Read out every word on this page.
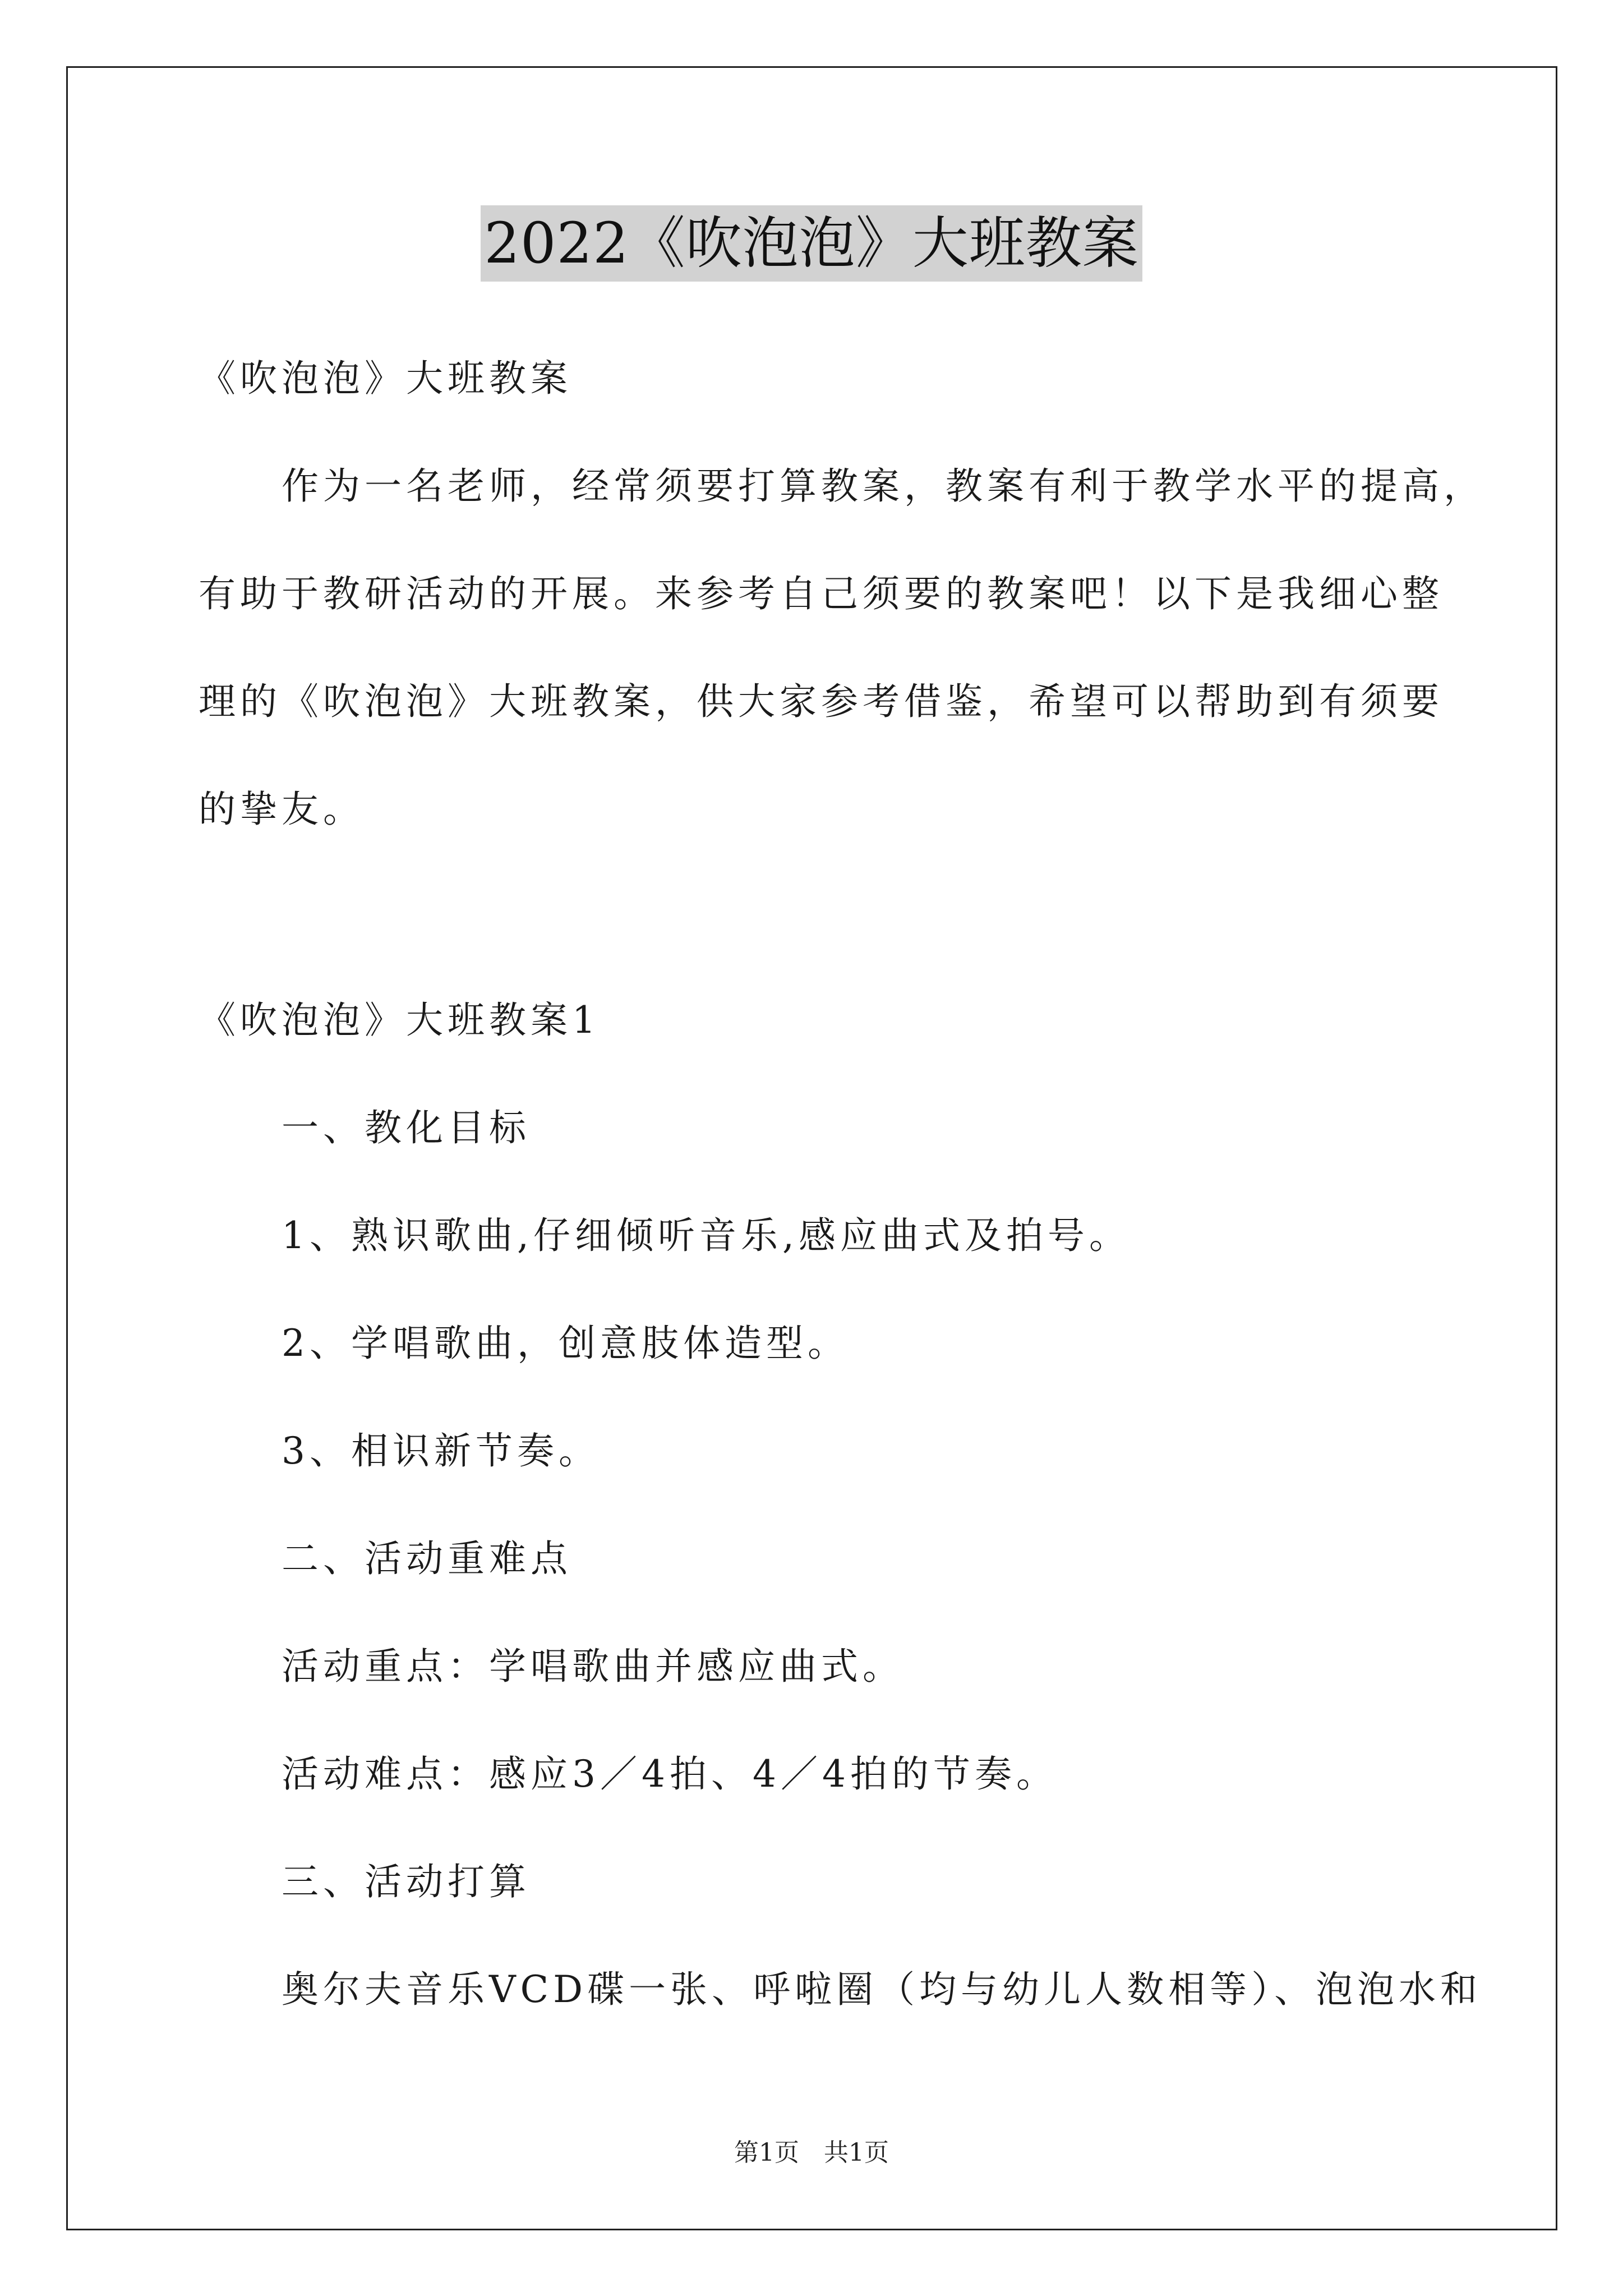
2022《吹泡泡》大班教案
《吹泡泡》大班教案
作为一名老师，经常须要打算教案，教案有利于教学水平的提高，
有助于教研活动的开展。来参考自己须要的教案吧！以下是我细心整
理的《吹泡泡》大班教案，供大家参考借鉴，希望可以帮助到有须要
的挚友。
《吹泡泡》大班教案1
一、教化目标
1、熟识歌曲,仔细倾听音乐,感应曲式及拍号。
2、学唱歌曲，创意肢体造型。
3、相识新节奏。
二、活动重难点
活动重点：学唱歌曲并感应曲式。
活动难点：感应3／4拍、4／4拍的节奏。
三、活动打算
奥尔夫音乐VCD碟一张、呼啦圈（均与幼儿人数相等）、泡泡水和
第1页　共1页
